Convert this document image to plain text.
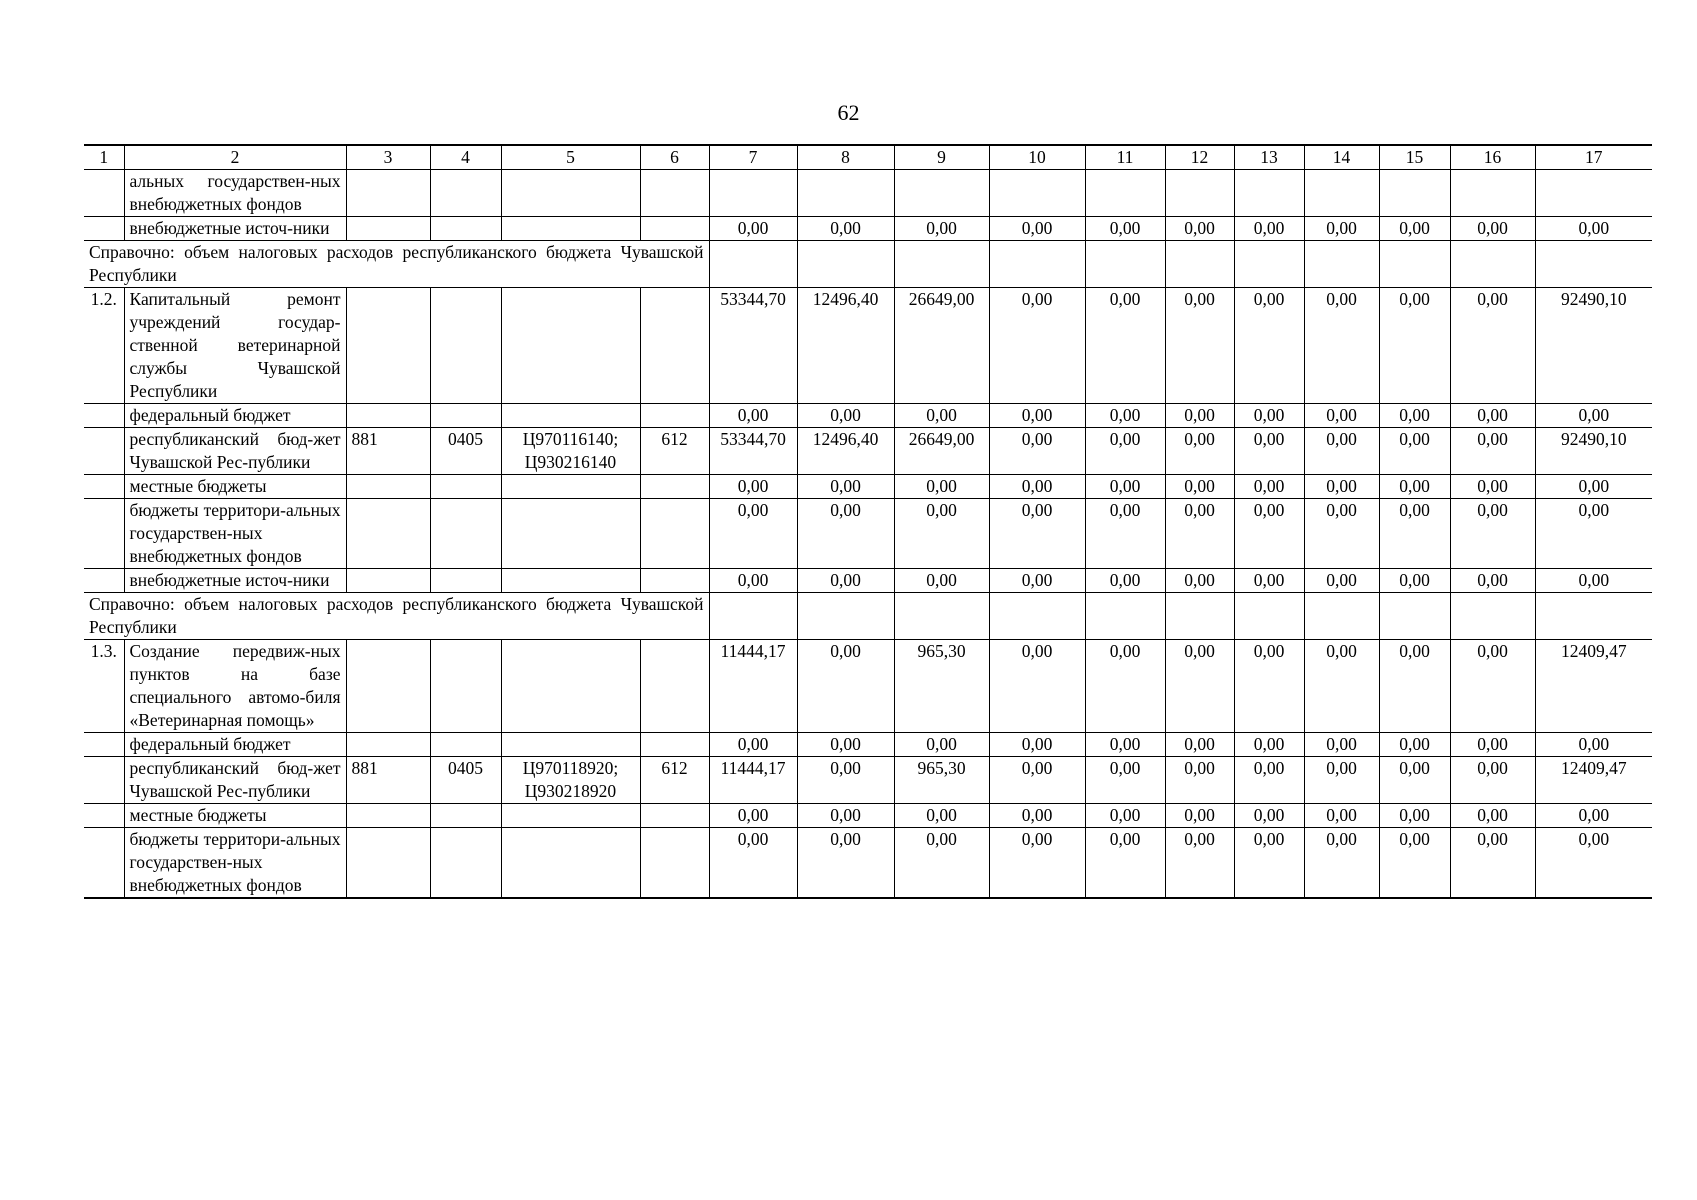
62
1	2	3	4	5	6	7	8	9	10	11	12	13	14	15	16	17
	альных государствен-ных внебюджетных фондов															
	внебюджетные источ-ники					0,00	0,00	0,00	0,00	0,00	0,00	0,00	0,00	0,00	0,00	0,00
Справочно: объем налоговых расходов республиканского бюджета Чувашской Республики																
1.2.	Капитальный ремонт учреждений государ-ственной ветеринарной службы Чувашской Республики					53344,70	12496,40	26649,00	0,00	0,00	0,00	0,00	0,00	0,00	0,00	92490,10
	федеральный бюджет					0,00	0,00	0,00	0,00	0,00	0,00	0,00	0,00	0,00	0,00	0,00
	республиканский бюд-жет Чувашской Рес-публики	881	0405	Ц970116140; Ц930216140	612	53344,70	12496,40	26649,00	0,00	0,00	0,00	0,00	0,00	0,00	0,00	92490,10
	местные бюджеты					0,00	0,00	0,00	0,00	0,00	0,00	0,00	0,00	0,00	0,00	0,00
	бюджеты территори-альных государствен-ных внебюджетных фондов					0,00	0,00	0,00	0,00	0,00	0,00	0,00	0,00	0,00	0,00	0,00
	внебюджетные источ-ники					0,00	0,00	0,00	0,00	0,00	0,00	0,00	0,00	0,00	0,00	0,00
Справочно: объем налоговых расходов республиканского бюджета Чувашской Республики																
1.3.	Создание передвиж-ных пунктов на базе специального автомо-биля «Ветеринарная помощь»					11444,17	0,00	965,30	0,00	0,00	0,00	0,00	0,00	0,00	0,00	12409,47
	федеральный бюджет					0,00	0,00	0,00	0,00	0,00	0,00	0,00	0,00	0,00	0,00	0,00
	республиканский бюд-жет Чувашской Рес-публики	881	0405	Ц970118920; Ц930218920	612	11444,17	0,00	965,30	0,00	0,00	0,00	0,00	0,00	0,00	0,00	12409,47
	местные бюджеты					0,00	0,00	0,00	0,00	0,00	0,00	0,00	0,00	0,00	0,00	0,00
	бюджеты территори-альных государствен-ных внебюджетных фондов					0,00	0,00	0,00	0,00	0,00	0,00	0,00	0,00	0,00	0,00	0,00
